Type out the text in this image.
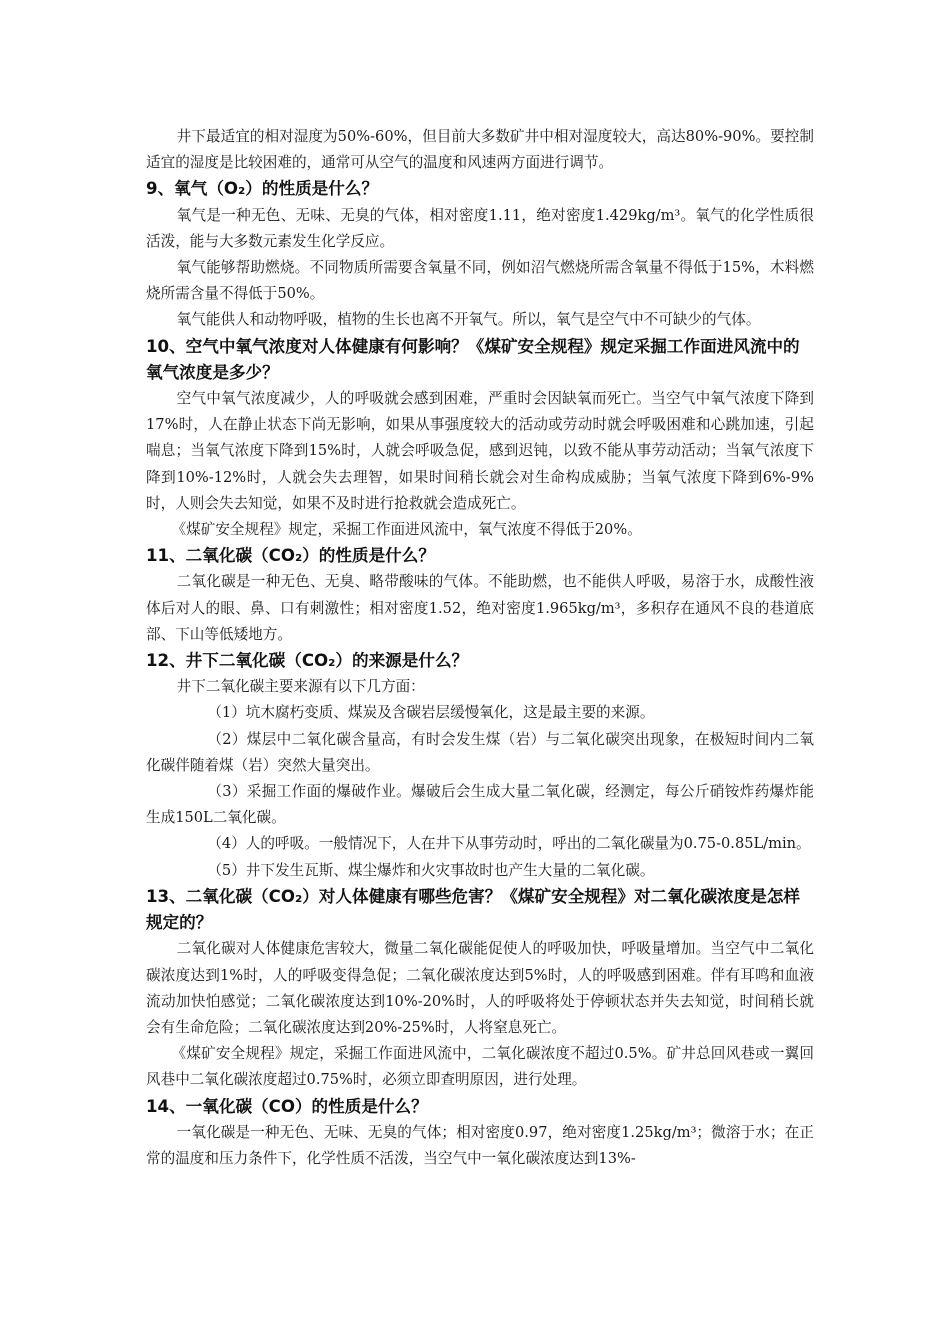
井下最适宜的相对湿度为50%-60%，但目前大多数矿井中相对湿度较大，高达80%-90%。要控制适宜的湿度是比较困难的，通常可从空气的温度和风速两方面进行调节。

9、氧气（O₂）的性质是什么？

氧气是一种无色、无味、无臭的气体，相对密度1.11，绝对密度1.429kg/m³。氧气的化学性质很活泼，能与大多数元素发生化学反应。

氧气能够帮助燃烧。不同物质所需要含氧量不同，例如沼气燃烧所需含氧量不得低于15%，木料燃烧所需含量不得低于50%。

氧气能供人和动物呼吸，植物的生长也离不开氧气。所以，氧气是空气中不可缺少的气体。

10、空气中氧气浓度对人体健康有何影响？《煤矿安全规程》规定采掘工作面进风流中的氧气浓度是多少？

空气中氧气浓度减少，人的呼吸就会感到困难，严重时会因缺氧而死亡。当空气中氧气浓度下降到17%时，人在静止状态下尚无影响，如果从事强度较大的活动或劳动时就会呼吸困难和心跳加速，引起喘息；当氧气浓度下降到15%时，人就会呼吸急促，感到迟钝，以致不能从事劳动活动；当氧气浓度下降到10%-12%时，人就会失去理智，如果时间稍长就会对生命构成威胁；当氧气浓度下降到6%-9%时，人则会失去知觉，如果不及时进行抢救就会造成死亡。

《煤矿安全规程》规定，采掘工作面进风流中，氧气浓度不得低于20%。

11、二氧化碳（CO₂）的性质是什么？

二氧化碳是一种无色、无臭、略带酸味的气体。不能助燃，也不能供人呼吸，易溶于水，成酸性液体后对人的眼、鼻、口有刺激性；相对密度1.52，绝对密度1.965kg/m³，多积存在通风不良的巷道底部、下山等低矮地方。

12、井下二氧化碳（CO₂）的来源是什么？

井下二氧化碳主要来源有以下几方面：

（1）坑木腐朽变质、煤炭及含碳岩层缓慢氧化，这是最主要的来源。

（2）煤层中二氧化碳含量高，有时会发生煤（岩）与二氧化碳突出现象，在极短时间内二氧化碳伴随着煤（岩）突然大量突出。

（3）采掘工作面的爆破作业。爆破后会生成大量二氧化碳，经测定，每公斤硝铵炸药爆炸能生成150L二氧化碳。

（4）人的呼吸。一般情况下，人在井下从事劳动时，呼出的二氧化碳量为0.75-0.85L/min。

（5）井下发生瓦斯、煤尘爆炸和火灾事故时也产生大量的二氧化碳。

13、二氧化碳（CO₂）对人体健康有哪些危害？《煤矿安全规程》对二氧化碳浓度是怎样规定的？

二氧化碳对人体健康危害较大，微量二氧化碳能促使人的呼吸加快，呼吸量增加。当空气中二氧化碳浓度达到1%时，人的呼吸变得急促；二氧化碳浓度达到5%时，人的呼吸感到困难。伴有耳鸣和血液流动加快怕感觉；二氧化碳浓度达到10%-20%时，人的呼吸将处于停顿状态并失去知觉，时间稍长就会有生命危险；二氧化碳浓度达到20%-25%时，人将窒息死亡。

《煤矿安全规程》规定，采掘工作面进风流中，二氧化碳浓度不超过0.5%。矿井总回风巷或一翼回风巷中二氧化碳浓度超过0.75%时，必须立即查明原因，进行处理。

14、一氧化碳（CO）的性质是什么？

一氧化碳是一种无色、无味、无臭的气体；相对密度0.97，绝对密度1.25kg/m³；微溶于水；在正常的温度和压力条件下，化学性质不活泼，当空气中一氧化碳浓度达到13%-
